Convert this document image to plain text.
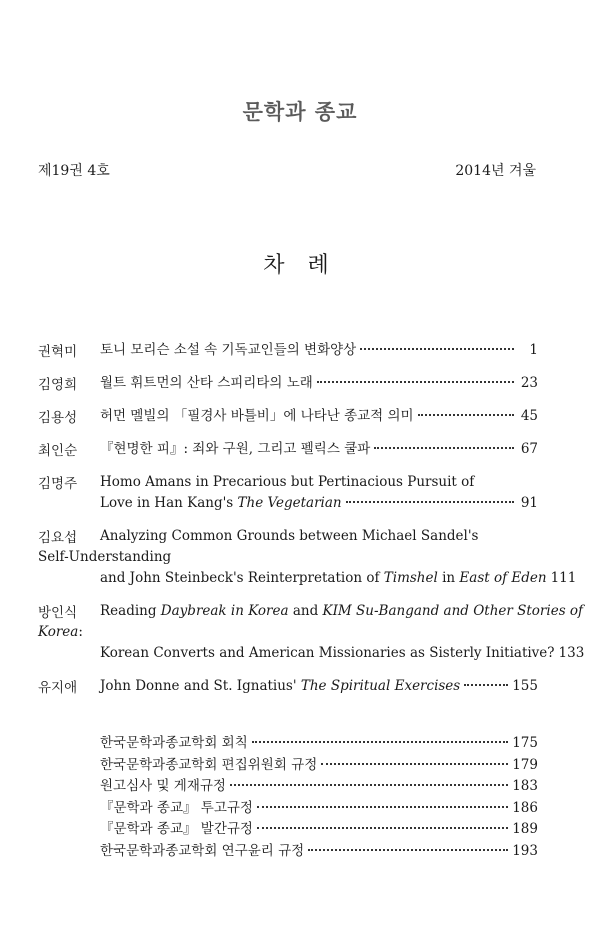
문학과 종교
제19권 4호	2014년 겨울
차 례
권혁미	토니 모리슨 소설 속 기독교인들의 변화양상	1
김영희	월트 휘트먼의 산타 스피리타의 노래	23
김용성	허먼 멜빌의 「필경사 바틀비」에 나타난 종교적 의미	45
최인순	『현명한 피』: 죄와 구원, 그리고 펠릭스 쿨파	67
김명주	Homo Amans in Precarious but Pertinacious Pursuit of
Love in Han Kang's The Vegetarian	91
김요섭	Analyzing Common Grounds between Michael Sandel's
Self-Understanding
and John Steinbeck's Reinterpretation of Timshel in East of Eden 111
방인식	Reading Daybreak in Korea and KIM Su-Bangand and Other Stories of
Korea:
Korean Converts and American Missionaries as Sisterly Initiative? 133
유지애	John Donne and St. Ignatius' The Spiritual Exercises	155
한국문학과종교학회 회칙	175
한국문학과종교학회 편집위원회 규정	179
원고심사 및 게재규정	183
『문학과 종교』 투고규정	186
『문학과 종교』 발간규정	189
한국문학과종교학회 연구윤리 규정	193
